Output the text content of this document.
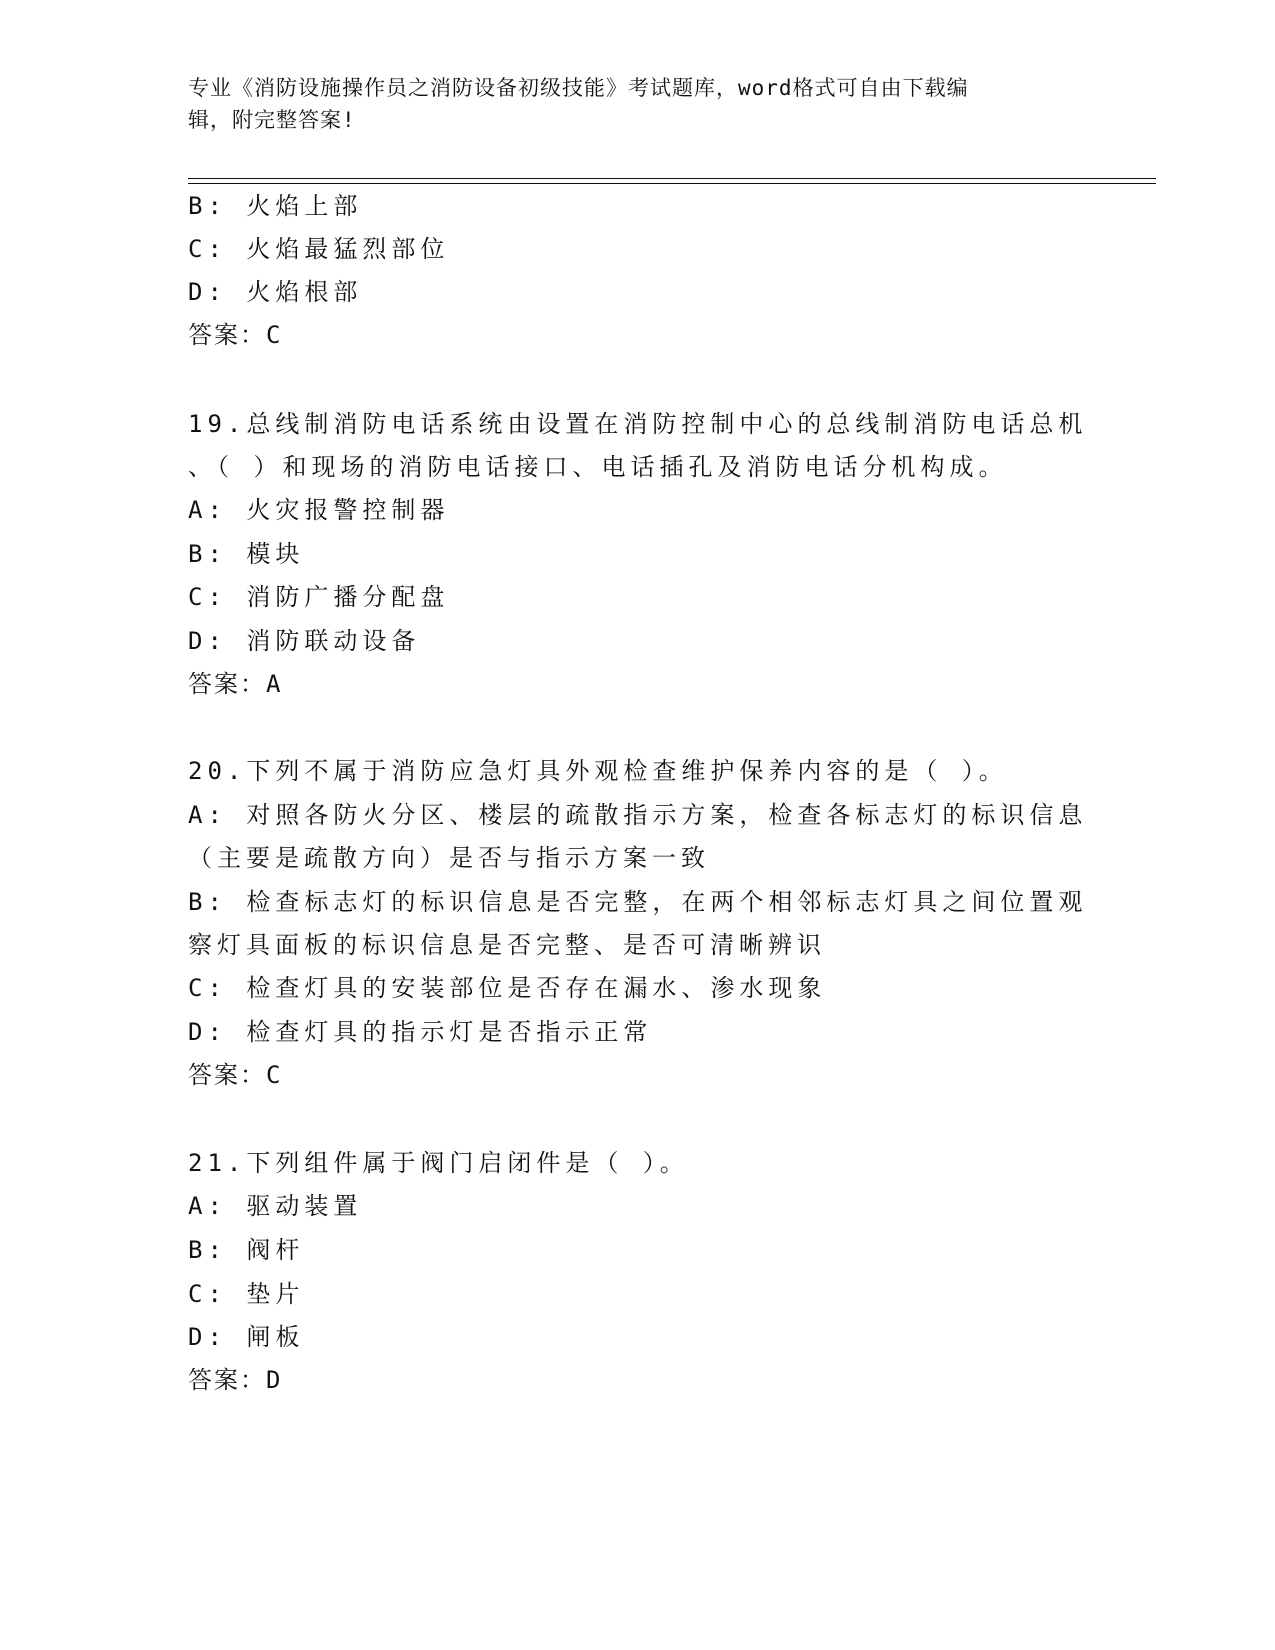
专业《消防设施操作员之消防设备初级技能》考试题库，word格式可自由下载编
辑，附完整答案!
B: 火焰上部
C: 火焰最猛烈部位
D: 火焰根部
答案：C
19.总线制消防电话系统由设置在消防控制中心的总线制消防电话总机
、（ ）和现场的消防电话接口、电话插孔及消防电话分机构成。
A: 火灾报警控制器
B: 模块
C: 消防广播分配盘
D: 消防联动设备
答案：A
20.下列不属于消防应急灯具外观检查维护保养内容的是（ ）。
A: 对照各防火分区、楼层的疏散指示方案，检查各标志灯的标识信息
（主要是疏散方向）是否与指示方案一致
B: 检查标志灯的标识信息是否完整，在两个相邻标志灯具之间位置观
察灯具面板的标识信息是否完整、是否可清晰辨识
C: 检查灯具的安装部位是否存在漏水、渗水现象
D: 检查灯具的指示灯是否指示正常
答案：C
21.下列组件属于阀门启闭件是（ ）。
A: 驱动装置
B: 阀杆
C: 垫片
D: 闸板
答案：D
